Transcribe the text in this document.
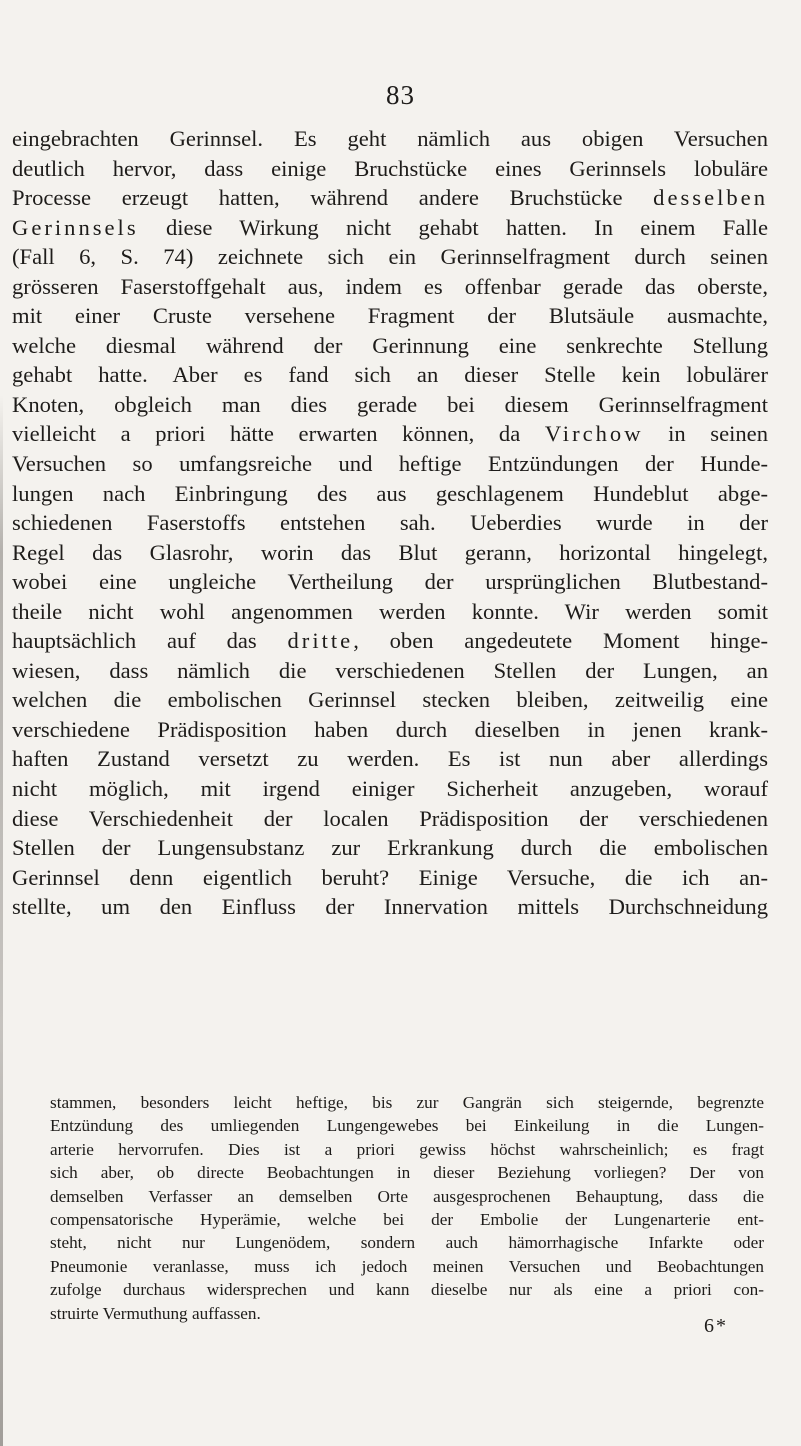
83
eingebrachten Gerinnsel. Es geht nämlich aus obigen Versuchen
deutlich hervor, dass einige Bruchstücke eines Gerinnsels lobuläre
Processe erzeugt hatten, während andere Bruchstücke desselben
Gerinnsels diese Wirkung nicht gehabt hatten. In einem Falle
(Fall 6, S. 74) zeichnete sich ein Gerinnselfragment durch seinen
grösseren Faserstoffgehalt aus, indem es offenbar gerade das oberste,
mit einer Cruste versehene Fragment der Blutsäule ausmachte,
welche diesmal während der Gerinnung eine senkrechte Stellung
gehabt hatte. Aber es fand sich an dieser Stelle kein lobulärer
Knoten, obgleich man dies gerade bei diesem Gerinnselfragment
vielleicht a priori hätte erwarten können, da Virchow in seinen
Versuchen so umfangsreiche und heftige Entzündungen der Hunde-
lungen nach Einbringung des aus geschlagenem Hundeblut abge-
schiedenen Faserstoffs entstehen sah. Ueberdies wurde in der
Regel das Glasrohr, worin das Blut gerann, horizontal hingelegt,
wobei eine ungleiche Vertheilung der ursprünglichen Blutbestand-
theile nicht wohl angenommen werden konnte. Wir werden somit
hauptsächlich auf das dritte, oben angedeutete Moment hinge-
wiesen, dass nämlich die verschiedenen Stellen der Lungen, an
welchen die embolischen Gerinnsel stecken bleiben, zeitweilig eine
verschiedene Prädisposition haben durch dieselben in jenen krank-
haften Zustand versetzt zu werden. Es ist nun aber allerdings
nicht möglich, mit irgend einiger Sicherheit anzugeben, worauf
diese Verschiedenheit der localen Prädisposition der verschiedenen
Stellen der Lungensubstanz zur Erkrankung durch die embolischen
Gerinnsel denn eigentlich beruht? Einige Versuche, die ich an-
stellte, um den Einfluss der Innervation mittels Durchschneidung
stammen, besonders leicht heftige, bis zur Gangrän sich steigernde, begrenzte
Entzündung des umliegenden Lungengewebes bei Einkeilung in die Lungen-
arterie hervorrufen. Dies ist a priori gewiss höchst wahrscheinlich; es fragt
sich aber, ob directe Beobachtungen in dieser Beziehung vorliegen? Der von
demselben Verfasser an demselben Orte ausgesprochenen Behauptung, dass die
compensatorische Hyperämie, welche bei der Embolie der Lungenarterie ent-
steht, nicht nur Lungenödem, sondern auch hämorrhagische Infarkte oder
Pneumonie veranlasse, muss ich jedoch meinen Versuchen und Beobachtungen
zufolge durchaus widersprechen und kann dieselbe nur als eine a priori con-
struirte Vermuthung auffassen.
6*
